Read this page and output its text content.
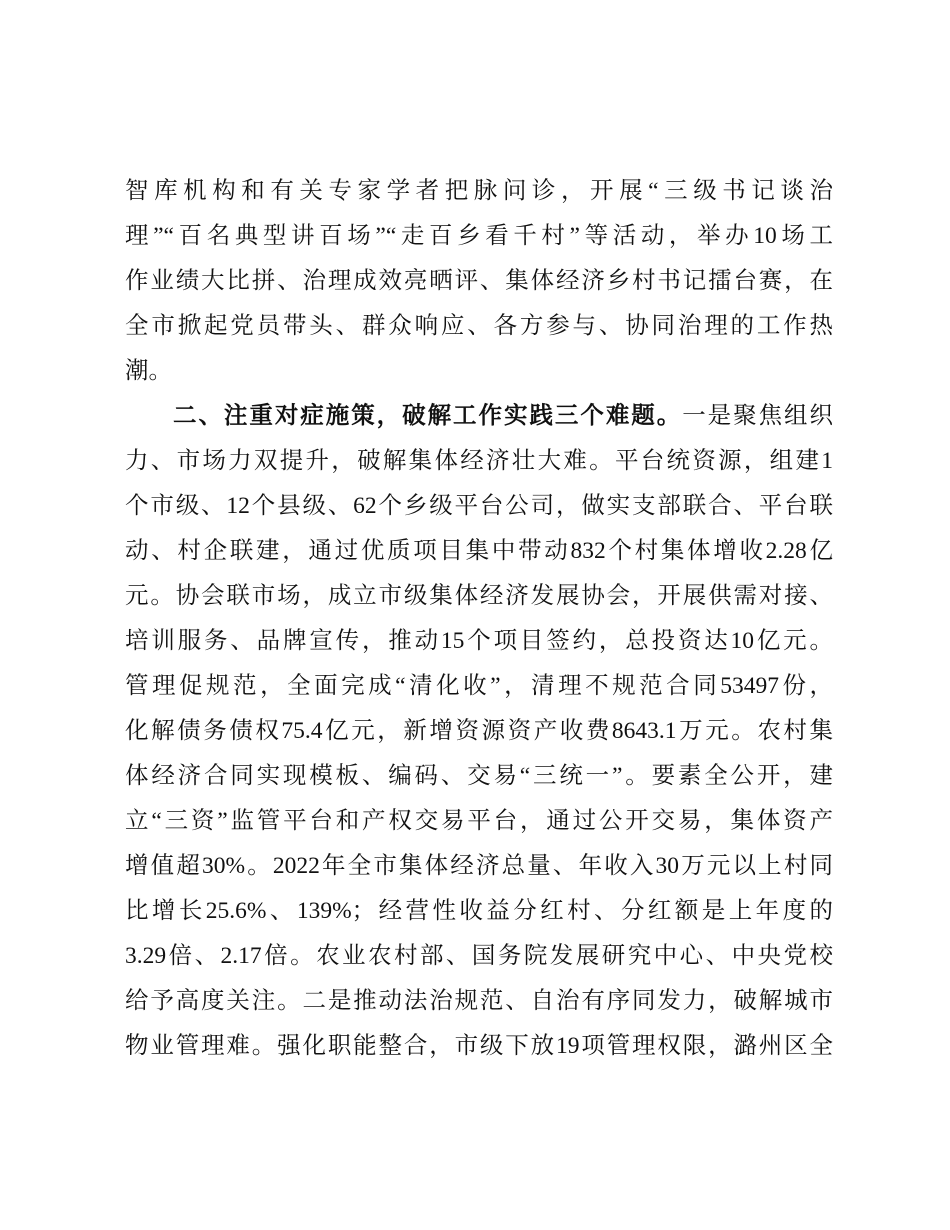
智库机构和有关专家学者把脉问诊，开展“三级书记谈治
理”“百名典型讲百场”“走百乡看千村”等活动，举办10场工
作业绩大比拼、治理成效亮晒评、集体经济乡村书记擂台赛，在
全市掀起党员带头、群众响应、各方参与、协同治理的工作热
潮。
二、注重对症施策，破解工作实践三个难题。一是聚焦组织
力、市场力双提升，破解集体经济壮大难。平台统资源，组建1
个市级、12个县级、62个乡级平台公司，做实支部联合、平台联
动、村企联建，通过优质项目集中带动832个村集体增收2.28亿
元。协会联市场，成立市级集体经济发展协会，开展供需对接、
培训服务、品牌宣传，推动15个项目签约，总投资达10亿元。
管理促规范，全面完成“清化收”，清理不规范合同53497份，
化解债务债权75.4亿元，新增资源资产收费8643.1万元。农村集
体经济合同实现模板、编码、交易“三统一”。要素全公开，建
立“三资”监管平台和产权交易平台，通过公开交易，集体资产
增值超30%。2022年全市集体经济总量、年收入30万元以上村同
比增长25.6%、139%；经营性收益分红村、分红额是上年度的
3.29倍、2.17倍。农业农村部、国务院发展研究中心、中央党校
给予高度关注。二是推动法治规范、自治有序同发力，破解城市
物业管理难。强化职能整合，市级下放19项管理权限，潞州区全
